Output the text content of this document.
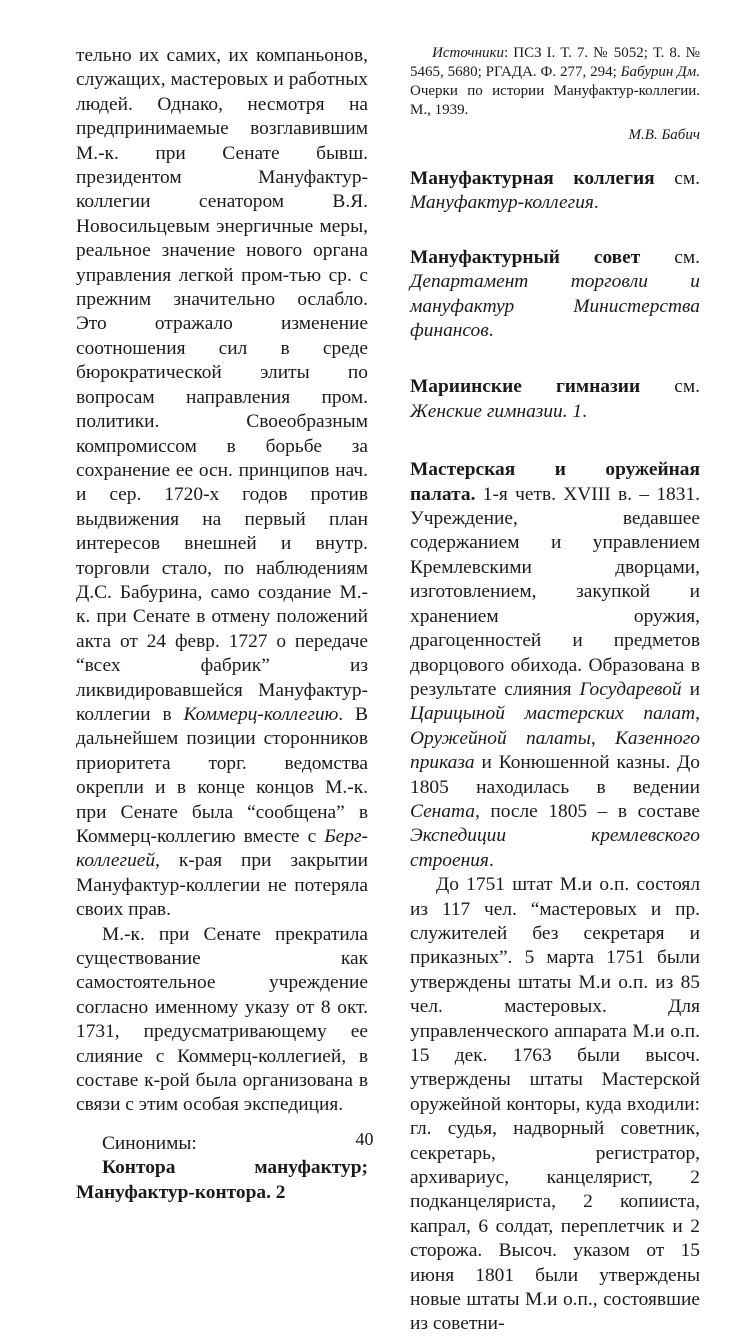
тельно их самих, их компаньонов, служащих, мастеровых и работных людей. Однако, несмотря на предпринимаемые возглавившим М.-к. при Сенате бывш. президентом Мануфактур-коллегии сенатором В.Я. Новосильцевым энергичные меры, реальное значение нового органа управления легкой пром-тью ср. с прежним значительно ослабло. Это отражало изменение соотношения сил в среде бюрократической элиты по вопросам направления пром. политики. Своеобразным компромиссом в борьбе за сохранение ее осн. принципов нач. и сер. 1720-х годов против выдвижения на первый план интересов внешней и внутр. торговли стало, по наблюдениям Д.С. Бабурина, само создание М.-к. при Сенате в отмену положений акта от 24 февр. 1727 о передаче “всех фабрик” из ликвидировавшейся Мануфактур-коллегии в Коммерц-коллегию. В дальнейшем позиции сторонников приоритета торг. ведомства окрепли и в конце концов М.-к. при Сенате была “сообщена” в Коммерц-коллегию вместе с Берг-коллегией, к-рая при закрытии Мануфактур-коллегии не потеряла своих прав.

М.-к. при Сенате прекратила существование как самостоятельное учреждение согласно именному указу от 8 окт. 1731, предусматривающему ее слияние с Коммерц-коллегией, в составе к-рой была организована в связи с этим особая экспедиция.

Синонимы:

Контора мануфактур; Мануфактур-контора. 2

Источники: ПСЗ I. Т. 7. № 5052; Т. 8. № 5465, 5680; РГАДА. Ф. 277, 294; Бабурин Дм. Очерки по истории Мануфактур-коллегии. М., 1939.

М.В. Бабич

Мануфактурная коллегия см. Мануфактур-коллегия.

Мануфактурный совет см. Департамент торговли и мануфактур Министерства финансов.

Мариинские гимназии см. Женские гимназии. 1.

Мастерская и оружейная палата. 1-я четв. XVIII в. – 1831. Учреждение, ведавшее содержанием и управлением Кремлевскими дворцами, изготовлением, закупкой и хранением оружия, драгоценностей и предметов дворцового обихода. Образована в результате слияния Государевой и Царицыной мастерских палат, Оружейной палаты, Казенного приказа и Конюшенной казны. До 1805 находилась в ведении Сената, после 1805 – в составе Экспедиции кремлевского строения.

До 1751 штат М.и о.п. состоял из 117 чел. “мастеровых и пр. служителей без секретаря и приказных”. 5 марта 1751 были утверждены штаты М.и о.п. из 85 чел. мастеровых. Для управленческого аппарата М.и о.п. 15 дек. 1763 были высоч. утверждены штаты Мастерской оружейной конторы, куда входили: гл. судья, надворный советник, секретарь, регистратор, архивариус, канцелярист, 2 подканцеляриста, 2 копииста, капрал, 6 солдат, переплетчик и 2 сторожа. Высоч. указом от 15 июня 1801 были утверждены новые штаты М.и о.п., состоявшие из советни-

40
